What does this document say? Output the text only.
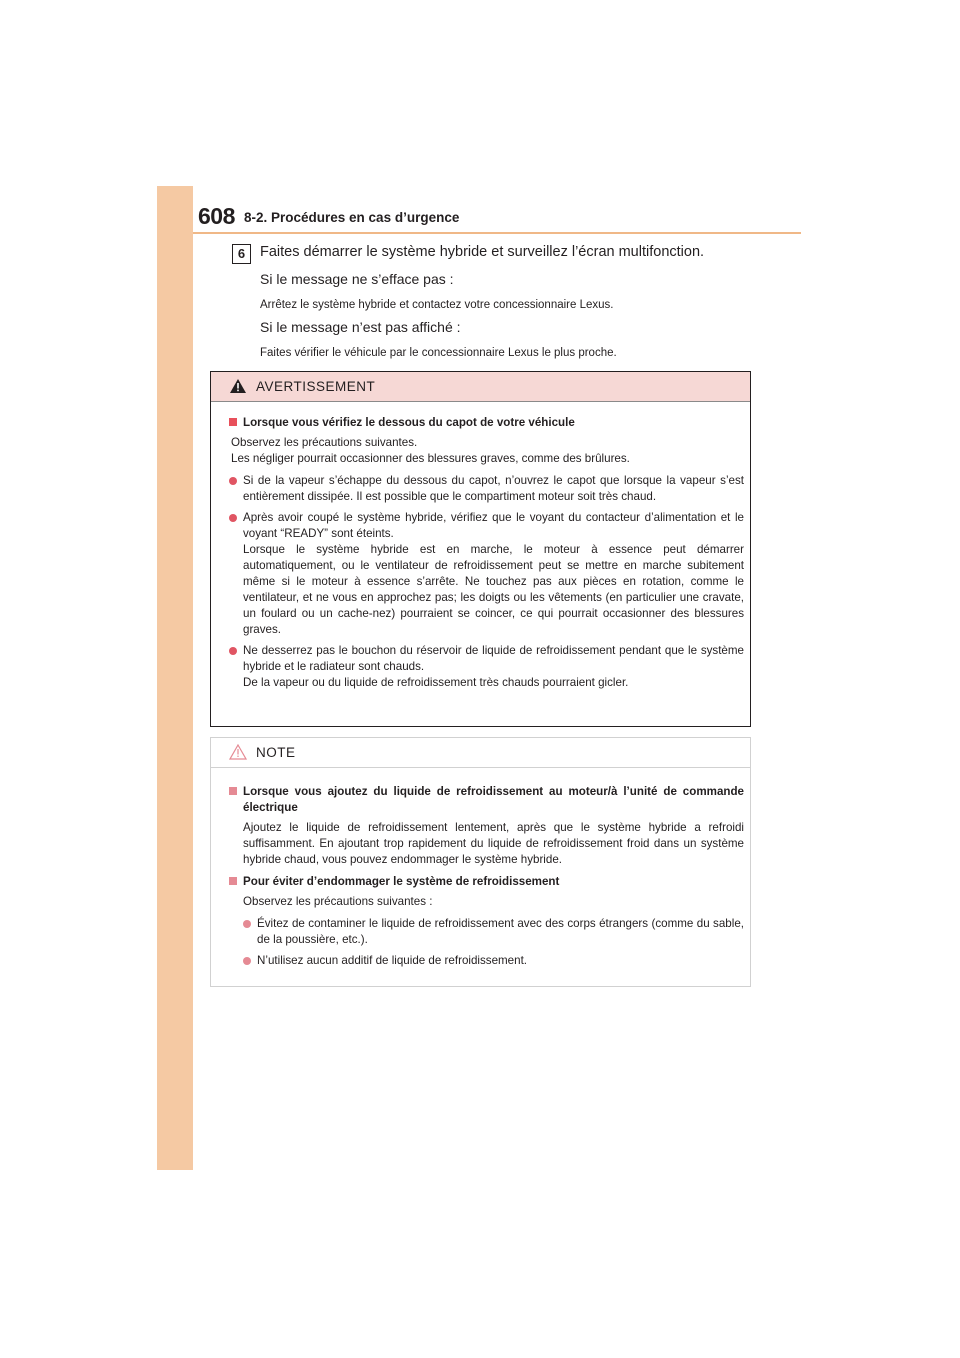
608 8-2. Procédures en cas d’urgence
6	Faites démarrer le système hybride et surveillez l’écran multifonction.
Si le message ne s’efface pas :
Arrêtez le système hybride et contactez votre concessionnaire Lexus.
Si le message n’est pas affiché :
Faites vérifier le véhicule par le concessionnaire Lexus le plus proche.
AVERTISSEMENT
Lorsque vous vérifiez le dessous du capot de votre véhicule
Observez les précautions suivantes.
Les négliger pourrait occasionner des blessures graves, comme des brûlures.
Si de la vapeur s’échappe du dessous du capot, n’ouvrez le capot que lorsque la vapeur s’est entièrement dissipée. Il est possible que le compartiment moteur soit très chaud.
Après avoir coupé le système hybride, vérifiez que le voyant du contacteur d’alimentation et le voyant “READY” sont éteints.
Lorsque le système hybride est en marche, le moteur à essence peut démarrer automatiquement, ou le ventilateur de refroidissement peut se mettre en marche subitement même si le moteur à essence s’arrête. Ne touchez pas aux pièces en rotation, comme le ventilateur, et ne vous en approchez pas; les doigts ou les vêtements (en particulier une cravate, un foulard ou un cache-nez) pourraient se coincer, ce qui pourrait occasionner des blessures graves.
Ne desserrez pas le bouchon du réservoir de liquide de refroidissement pendant que le système hybride et le radiateur sont chauds.
De la vapeur ou du liquide de refroidissement très chauds pourraient gicler.
NOTE
Lorsque vous ajoutez du liquide de refroidissement au moteur/à l’unité de commande électrique
Ajoutez le liquide de refroidissement lentement, après que le système hybride a refroidi suffisamment. En ajoutant trop rapidement du liquide de refroidissement froid dans un système hybride chaud, vous pouvez endommager le système hybride.
Pour éviter d’endommager le système de refroidissement
Observez les précautions suivantes :
Évitez de contaminer le liquide de refroidissement avec des corps étrangers (comme du sable, de la poussière, etc.).
N’utilisez aucun additif de liquide de refroidissement.
